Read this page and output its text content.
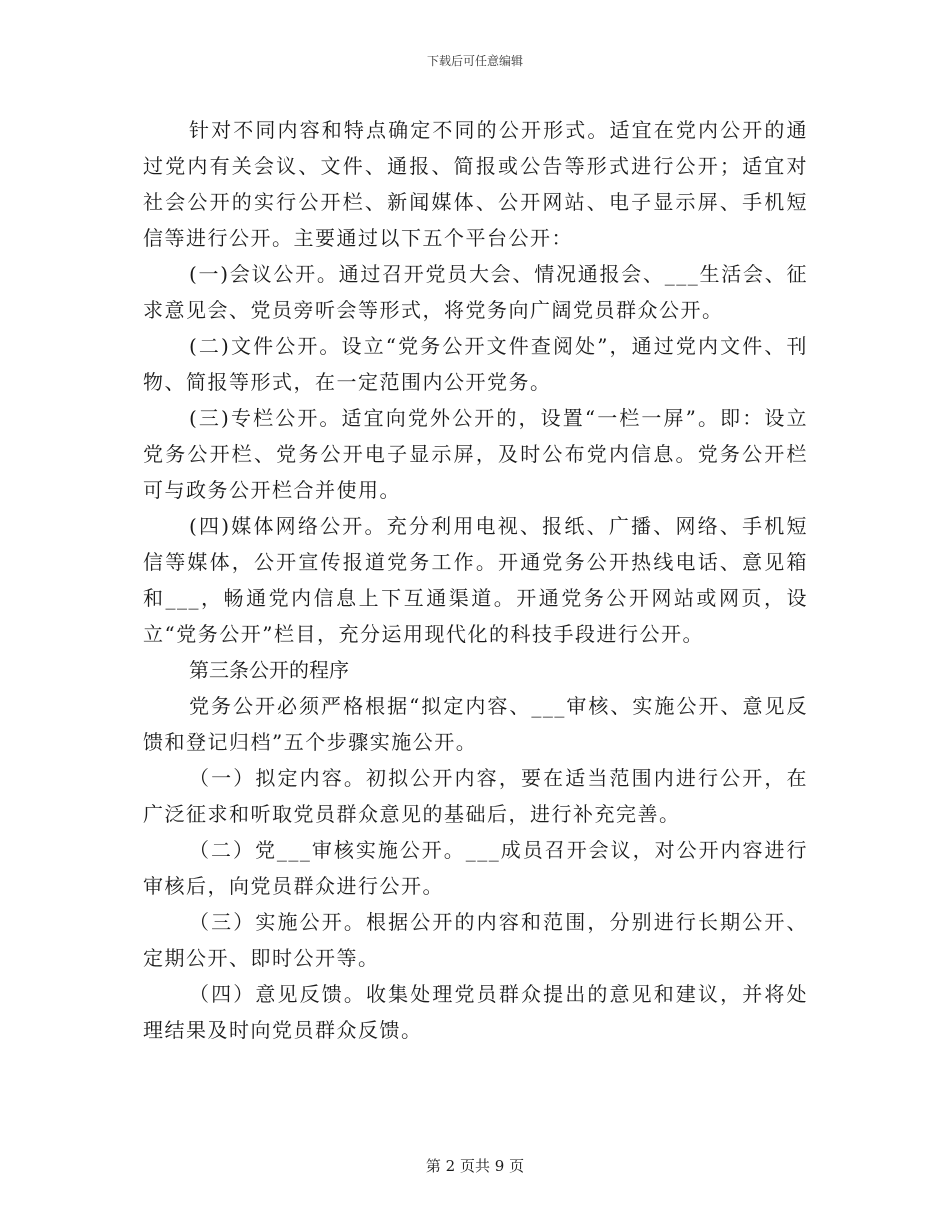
下载后可任意编辑

针对不同内容和特点确定不同的公开形式。适宜在党内公开的通过党内有关会议、文件、通报、简报或公告等形式进行公开；适宜对社会公开的实行公开栏、新闻媒体、公开网站、电子显示屏、手机短信等进行公开。主要通过以下五个平台公开：

(一)会议公开。通过召开党员大会、情况通报会、___生活会、征求意见会、党员旁听会等形式，将党务向广阔党员群众公开。

(二)文件公开。设立“党务公开文件查阅处”，通过党内文件、刊物、简报等形式，在一定范围内公开党务。

(三)专栏公开。适宜向党外公开的，设置“一栏一屏”。即：设立党务公开栏、党务公开电子显示屏，及时公布党内信息。党务公开栏可与政务公开栏合并使用。

(四)媒体网络公开。充分利用电视、报纸、广播、网络、手机短信等媒体，公开宣传报道党务工作。开通党务公开热线电话、意见箱和___，畅通党内信息上下互通渠道。开通党务公开网站或网页，设立“党务公开”栏目，充分运用现代化的科技手段进行公开。

第三条公开的程序

党务公开必须严格根据“拟定内容、___审核、实施公开、意见反馈和登记归档”五个步骤实施公开。

（一）拟定内容。初拟公开内容，要在适当范围内进行公开，在广泛征求和听取党员群众意见的基础后，进行补充完善。

（二）党___审核实施公开。___成员召开会议，对公开内容进行审核后，向党员群众进行公开。

（三）实施公开。根据公开的内容和范围，分别进行长期公开、定期公开、即时公开等。

（四）意见反馈。收集处理党员群众提出的意见和建议，并将处理结果及时向党员群众反馈。

第 2 页共 9 页
